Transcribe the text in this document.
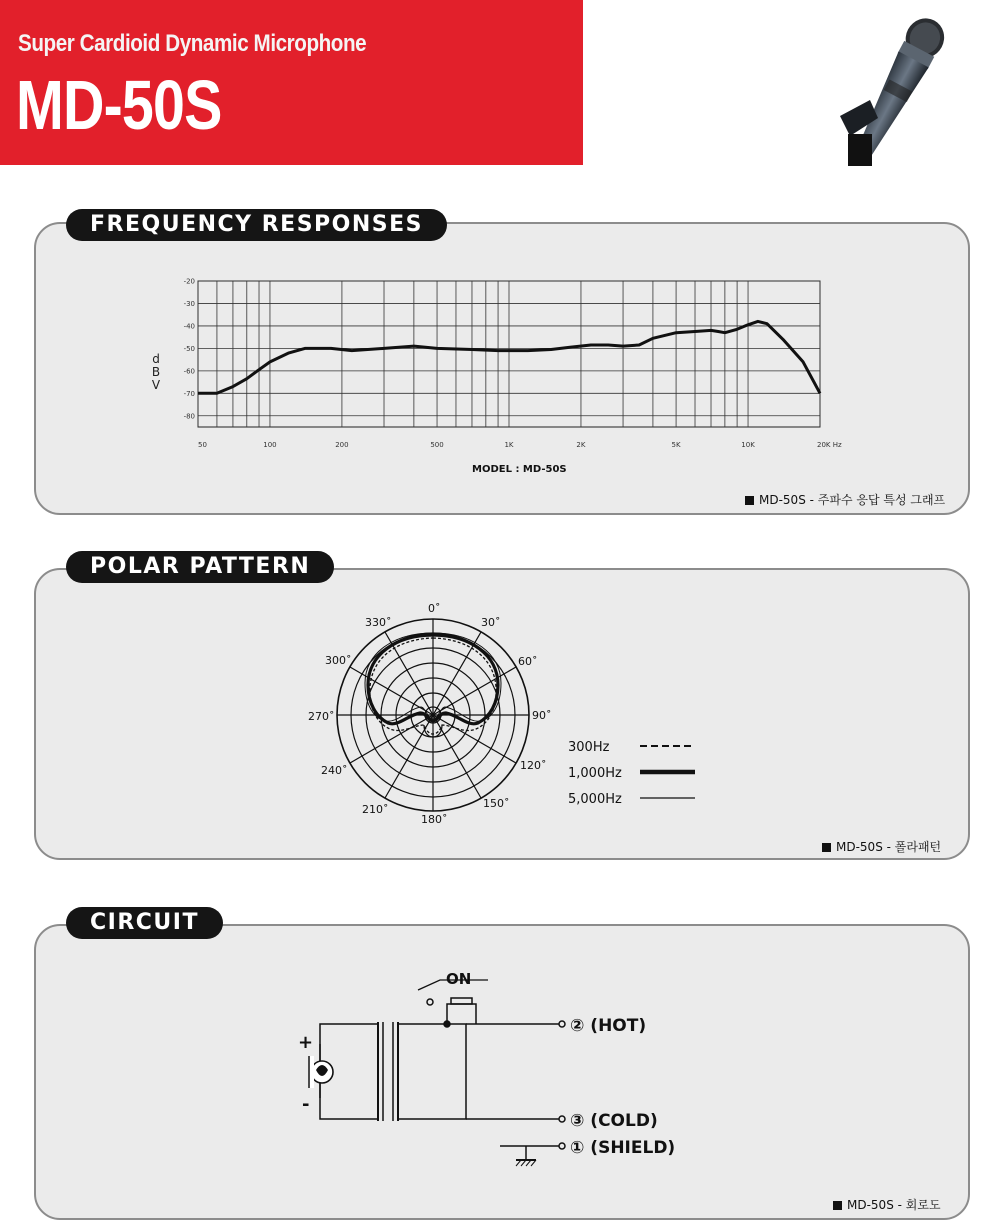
Super Cardioid Dynamic Microphone
MD-50S
FREQUENCY RESPONSES
-20
-30
-40
-50
-60
-70
-80
50	100	200	500	1K	2K	5K	10K	20K Hz
d
B
V
MODEL : MD-50S
MD-50S - 주파수 응답 특성 그래프
POLAR PATTERN
0˚
30˚
60˚
90˚
120˚
150˚
180˚
210˚
240˚
270˚
300˚
330˚
300Hz
1,000Hz
5,000Hz
MD-50S - 폴라패턴
CIRCUIT
ON
+
-
② (HOT)
③ (COLD)
① (SHIELD)
MD-50S - 회로도
